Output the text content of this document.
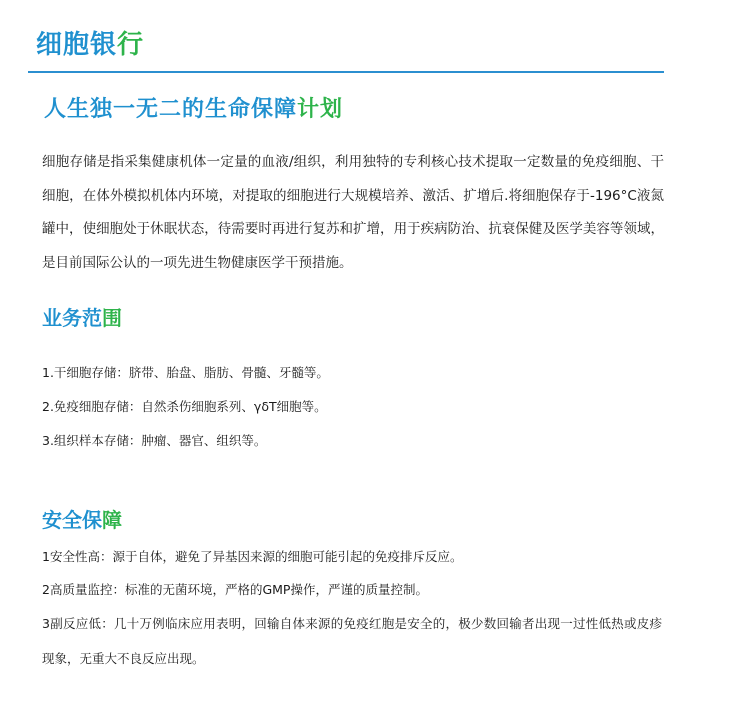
细胞银行
人生独一无二的生命保障计划

细胞存储是指采集健康机体一定量的血液/组织，利用独特的专利核心技术提取一定数量的免疫细胞、干细胞，在体外模拟机体内环境，对提取的细胞进行大规模培养、激活、扩增后.将细胞保存于-196°C液氮罐中，使细胞处于休眠状态，待需要时再进行复苏和扩增，用于疾病防治、抗衰保健及医学美容等领域，是目前国际公认的一项先进生物健康医学干预措施。

业务范围
1.干细胞存储：脐带、胎盘、脂肪、骨髓、牙髓等。
2.免疫细胞存储：自然杀伤细胞系列、γδT细胞等。
3.组织样本存储：肿瘤、器官、组织等。
安全保障
1安全性高：源于自体，避免了异基因来源的细胞可能引起的免疫排斥反应。
2高质量监控：标准的无菌环境，严格的GMP操作，严谨的质量控制。
3副反应低：几十万例临床应用表明，回输自体来源的免疫红胞是安全的，极少数回输者出现一过性低热或皮疹现象，无重大不良反应出现。
